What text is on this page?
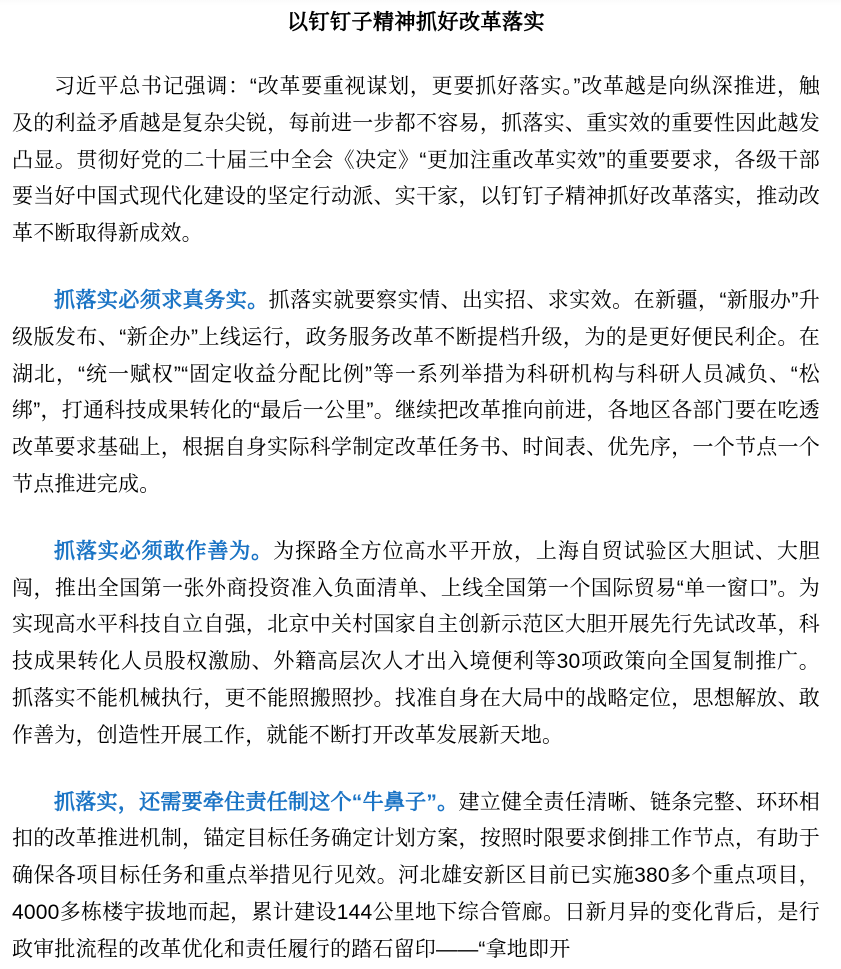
以钉钉子精神抓好改革落实

习近平总书记强调：“改革要重视谋划，更要抓好落实。”改革越是向纵深推进，触及的利益矛盾越是复杂尖锐，每前进一步都不容易，抓落实、重实效的重要性因此越发凸显。贯彻好党的二十届三中全会《决定》“更加注重改革实效”的重要要求，各级干部要当好中国式现代化建设的坚定行动派、实干家，以钉钉子精神抓好改革落实，推动改革不断取得新成效。

抓落实必须求真务实。抓落实就要察实情、出实招、求实效。在新疆，“新服办”升级版发布、“新企办”上线运行，政务服务改革不断提档升级，为的是更好便民利企。在湖北，“统一赋权”“固定收益分配比例”等一系列举措为科研机构与科研人员减负、“松绑”，打通科技成果转化的“最后一公里”。继续把改革推向前进，各地区各部门要在吃透改革要求基础上，根据自身实际科学制定改革任务书、时间表、优先序，一个节点一个节点推进完成。

抓落实必须敢作善为。为探路全方位高水平开放，上海自贸试验区大胆试、大胆闯，推出全国第一张外商投资准入负面清单、上线全国第一个国际贸易“单一窗口”。为实现高水平科技自立自强，北京中关村国家自主创新示范区大胆开展先行先试改革，科技成果转化人员股权激励、外籍高层次人才出入境便利等30项政策向全国复制推广。抓落实不能机械执行，更不能照搬照抄。找准自身在大局中的战略定位，思想解放、敢作善为，创造性开展工作，就能不断打开改革发展新天地。

抓落实，还需要牵住责任制这个“牛鼻子”。建立健全责任清晰、链条完整、环环相扣的改革推进机制，锚定目标任务确定计划方案，按照时限要求倒排工作节点，有助于确保各项目标任务和重点举措见行见效。河北雄安新区目前已实施380多个重点项目，4000多栋楼宇拔地而起，累计建设144公里地下综合管廊。日新月异的变化背后，是行政审批流程的改革优化和责任履行的踏石留印——“拿地即开
